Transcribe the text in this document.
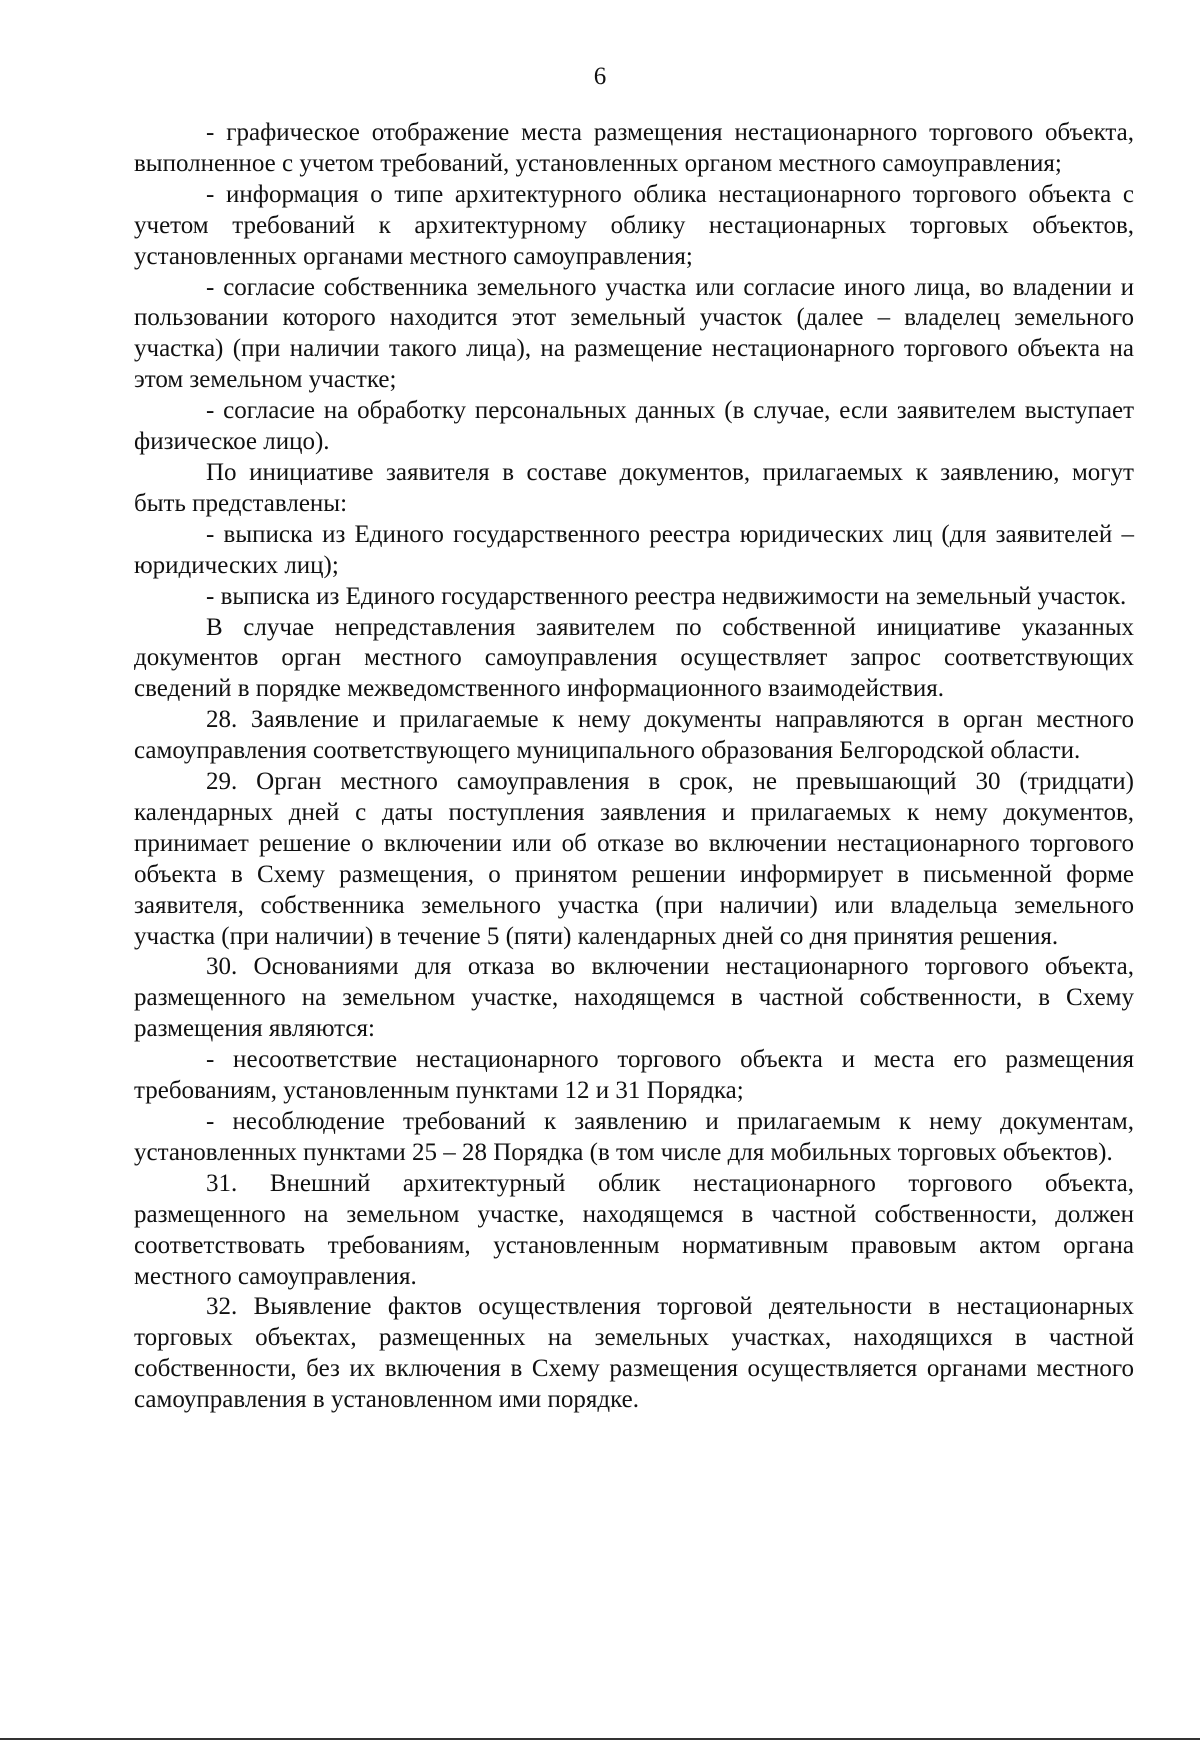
6

- графическое отображение места размещения нестационарного торгового объекта, выполненное с учетом требований, установленных органом местного самоуправления;

- информация о типе архитектурного облика нестационарного торгового объекта с учетом требований к архитектурному облику нестационарных торговых объектов, установленных органами местного самоуправления;

- согласие собственника земельного участка или согласие иного лица, во владении и пользовании которого находится этот земельный участок (далее – владелец земельного участка) (при наличии такого лица), на размещение нестационарного торгового объекта на этом земельном участке;

- согласие на обработку персональных данных (в случае, если заявителем выступает физическое лицо).

По инициативе заявителя в составе документов, прилагаемых к заявлению, могут быть представлены:

- выписка из Единого государственного реестра юридических лиц (для заявителей – юридических лиц);

- выписка из Единого государственного реестра недвижимости на земельный участок.

В случае непредставления заявителем по собственной инициативе указанных документов орган местного самоуправления осуществляет запрос соответствующих сведений в порядке межведомственного информационного взаимодействия.

28. Заявление и прилагаемые к нему документы направляются в орган местного самоуправления соответствующего муниципального образования Белгородской области.

29. Орган местного самоуправления в срок, не превышающий 30 (тридцати) календарных дней с даты поступления заявления и прилагаемых к нему документов, принимает решение о включении или об отказе во включении нестационарного торгового объекта в Схему размещения, о принятом решении информирует в письменной форме заявителя, собственника земельного участка (при наличии) или владельца земельного участка (при наличии) в течение 5 (пяти) календарных дней со дня принятия решения.

30. Основаниями для отказа во включении нестационарного торгового объекта, размещенного на земельном участке, находящемся в частной собственности, в Схему размещения являются:

- несоответствие нестационарного торгового объекта и места его размещения требованиям, установленным пунктами 12 и 31 Порядка;

- несоблюдение требований к заявлению и прилагаемым к нему документам, установленных пунктами 25 – 28 Порядка (в том числе для мобильных торговых объектов).

31. Внешний архитектурный облик нестационарного торгового объекта, размещенного на земельном участке, находящемся в частной собственности, должен соответствовать требованиям, установленным нормативным правовым актом органа местного самоуправления.

32. Выявление фактов осуществления торговой деятельности в нестационарных торговых объектах, размещенных на земельных участках, находящихся в частной собственности, без их включения в Схему размещения осуществляется органами местного самоуправления в установленном ими порядке.
